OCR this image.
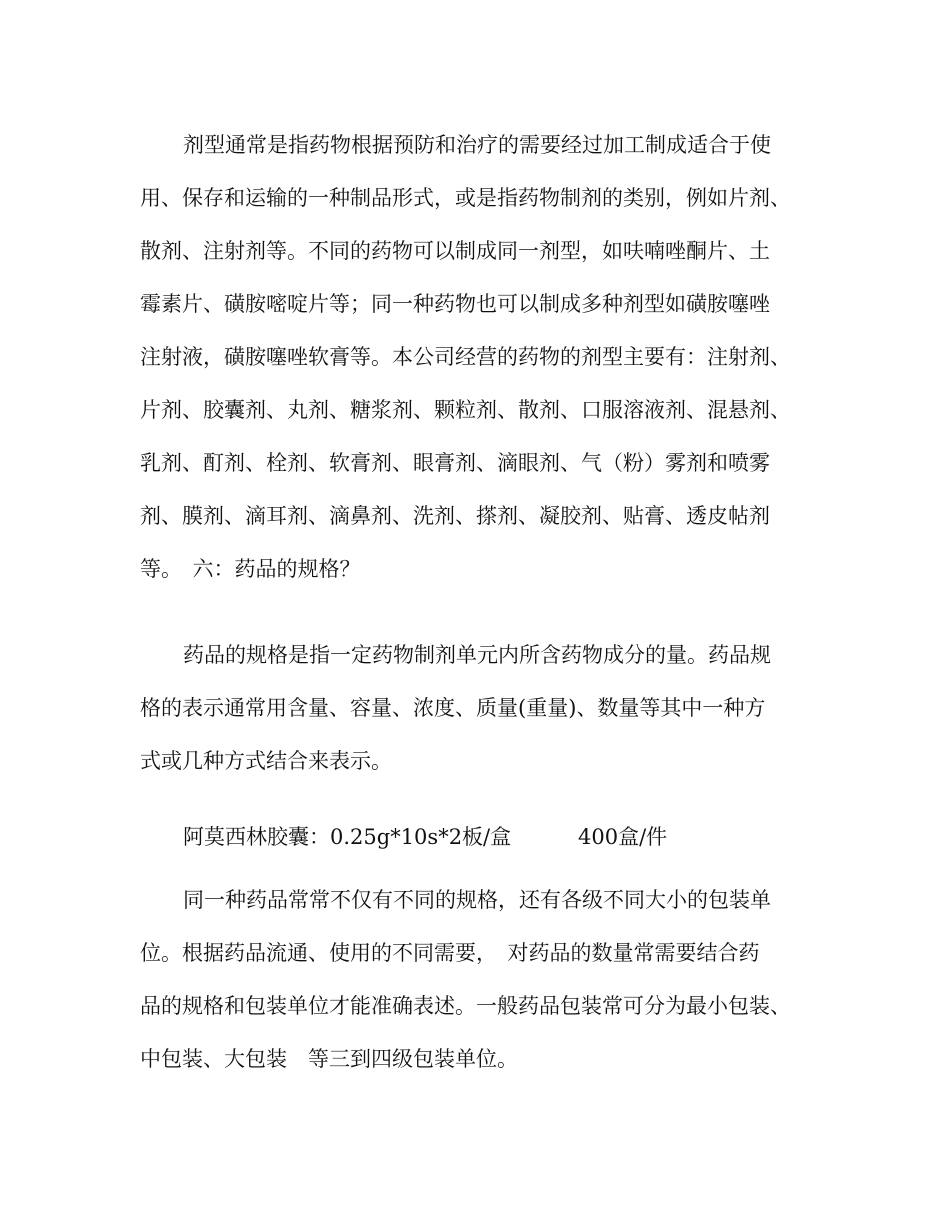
剂型通常是指药物根据预防和治疗的需要经过加工制成适合于使
用、保存和运输的一种制品形式，或是指药物制剂的类别，例如片剂、
散剂、注射剂等。不同的药物可以制成同一剂型，如呋喃唑酮片、土
霉素片、磺胺嘧啶片等；同一种药物也可以制成多种剂型如磺胺噻唑
注射液，磺胺噻唑软膏等。本公司经营的药物的剂型主要有：注射剂、
片剂、胶囊剂、丸剂、糖浆剂、颗粒剂、散剂、口服溶液剂、混悬剂、
乳剂、酊剂、栓剂、软膏剂、眼膏剂、滴眼剂、气（粉）雾剂和喷雾
剂、膜剂、滴耳剂、滴鼻剂、洗剂、搽剂、凝胶剂、贴膏、透皮帖剂
等。　六：药品的规格？
药品的规格是指一定药物制剂单元内所含药物成分的量。药品规
格的表示通常用含量、容量、浓度、质量(重量)、数量等其中一种方
式或几种方式结合来表示。
阿莫西林胶囊：0.25g*10s*2板/盒	400盒/件
同一种药品常常不仅有不同的规格，还有各级不同大小的包装单
位。根据药品流通、使用的不同需要，　对药品的数量常需要结合药
品的规格和包装单位才能准确表述。一般药品包装常可分为最小包装、
中包装、大包装　等三到四级包装单位。
